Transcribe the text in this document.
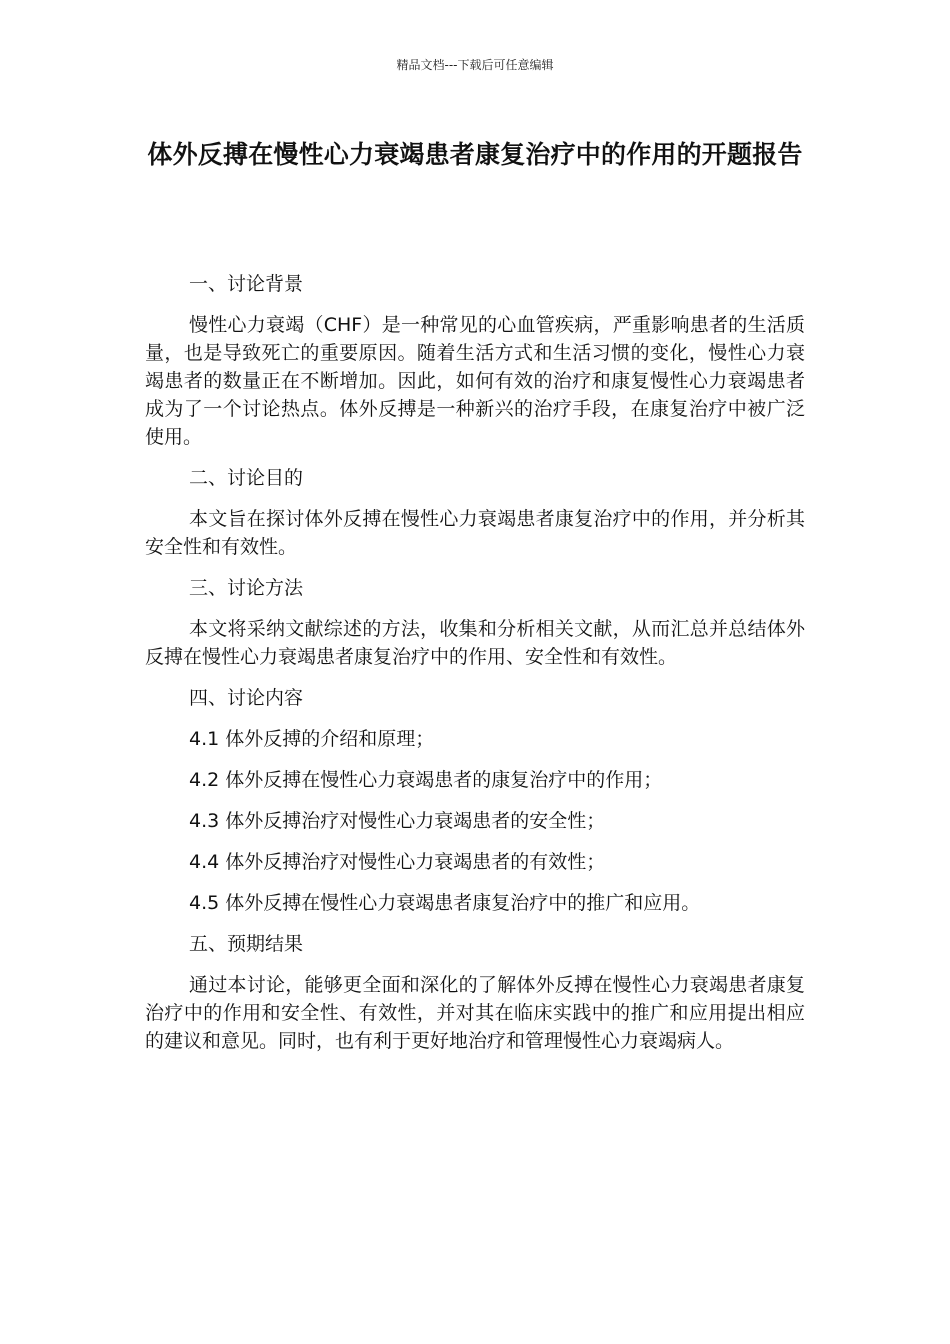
精品文档---下载后可任意编辑
体外反搏在慢性心力衰竭患者康复治疗中的作用的开题报告

一、讨论背景

慢性心力衰竭（CHF）是一种常见的心血管疾病，严重影响患者的生活质量，也是导致死亡的重要原因。随着生活方式和生活习惯的变化，慢性心力衰竭患者的数量正在不断增加。因此，如何有效的治疗和康复慢性心力衰竭患者成为了一个讨论热点。体外反搏是一种新兴的治疗手段，在康复治疗中被广泛使用。

二、讨论目的

本文旨在探讨体外反搏在慢性心力衰竭患者康复治疗中的作用，并分析其安全性和有效性。

三、讨论方法

本文将采纳文献综述的方法，收集和分析相关文献，从而汇总并总结体外反搏在慢性心力衰竭患者康复治疗中的作用、安全性和有效性。

四、讨论内容

4.1 体外反搏的介绍和原理；

4.2 体外反搏在慢性心力衰竭患者的康复治疗中的作用；

4.3 体外反搏治疗对慢性心力衰竭患者的安全性；

4.4 体外反搏治疗对慢性心力衰竭患者的有效性；

4.5 体外反搏在慢性心力衰竭患者康复治疗中的推广和应用。

五、预期结果

通过本讨论，能够更全面和深化的了解体外反搏在慢性心力衰竭患者康复治疗中的作用和安全性、有效性，并对其在临床实践中的推广和应用提出相应的建议和意见。同时，也有利于更好地治疗和管理慢性心力衰竭病人。
